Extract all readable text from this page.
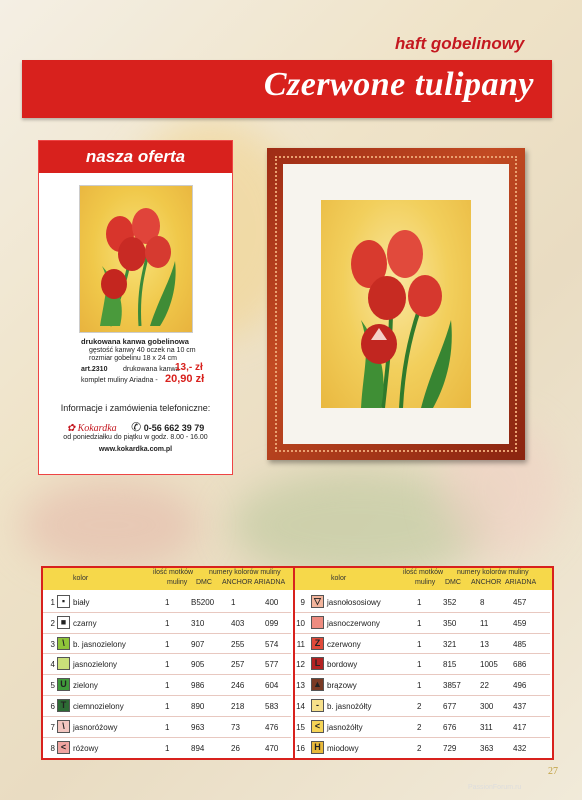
haft gobelinowy
Czerwone tulipany
nasza oferta
drukowana kanwa gobelinowa
gęstość kanwy 40 oczek na 10 cm
rozmiar gobelinu 18 x 24 cm
art.2310 drukowana kanwa -
13,- zł
komplet muliny Ariadna - 20,90 zł
Informacje i zamówienia telefoniczne:
✿ Kokardka ✆ 0-56 662 39 79
od poniedziałku do piątku w godz. 8.00 - 16.00
www.kokardka.com.pl
kolor
ilość motków
muliny
numery kolorów muliny
DMC ANCHOR ARIADNA
kolor
ilość motków
muliny
numery kolorów muliny
DMC ANCHOR ARIADNA
1 ▪ biały	1	B5200 1	400
2 ■ czarny	1	310	403	099
3 \	b. jasnozielony	1	907	255	574
4 jasnozielony	1	905	257	577
5 U zielony	1	986	246	604
6 T ciemnozielony	1	890	218	583
7 \	jasnoróżowy	1	963	73	476
8 < różowy	1	894	26	470
9	▽ jasnołososiowy	1	352	8	457
10	jasnoczerwony	1	350	11	459
11	Z czerwony	1	321	13	485
12	L bordowy	1	815	1005 686
13 ▲ brązowy	1	3857 22	496
14	-	b. jasnożółty	2	677	300 437
15	< jasnożółty	2	676	311	417
16	H miodowy	2	729	363 432
27
PassionForum.ru
